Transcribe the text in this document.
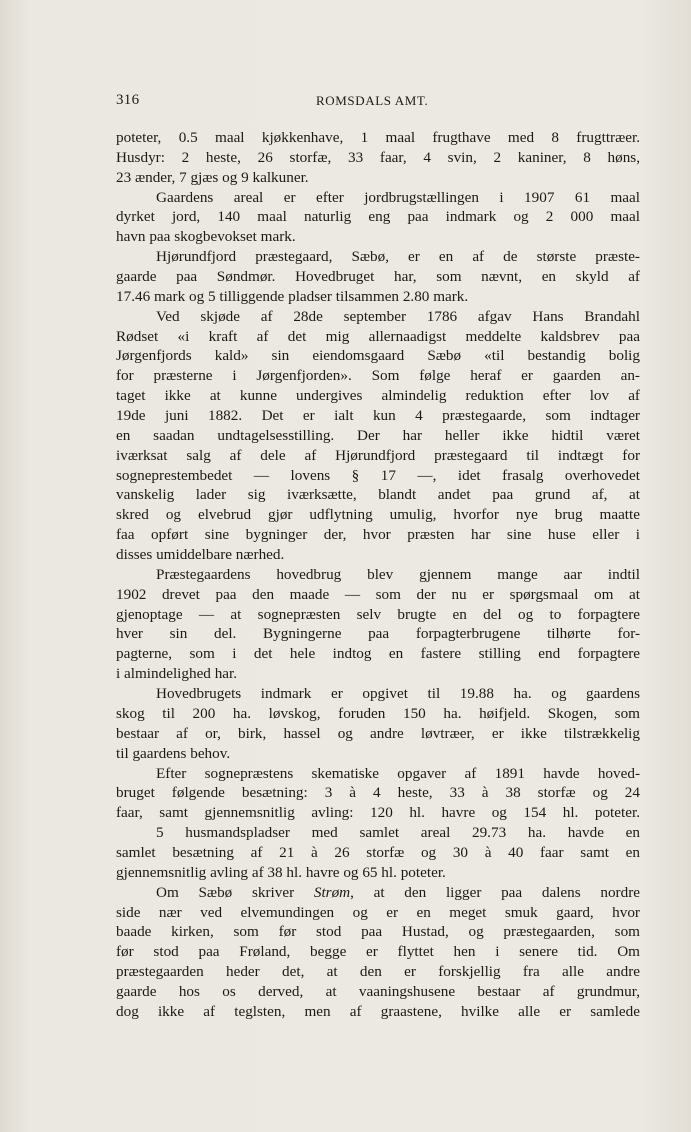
316	ROMSDALS AMT.
poteter, 0.5 maal kjøkkenhave, 1 maal frugthave med 8 frugttræer.
Husdyr: 2 heste, 26 storfæ, 33 faar, 4 svin, 2 kaniner, 8 høns,
23 ænder, 7 gjæs og 9 kalkuner.
Gaardens areal er efter jordbrugstællingen i 1907 61 maal
dyrket jord, 140 maal naturlig eng paa indmark og 2 000 maal
havn paa skogbevokset mark.
Hjørundfjord præstegaard, Sæbø, er en af de største præste-
gaarde paa Søndmør. Hovedbruget har, som nævnt, en skyld af
17.46 mark og 5 tilliggende pladser tilsammen 2.80 mark.
Ved skjøde af 28de september 1786 afgav Hans Brandahl
Rødset «i kraft af det mig allernaadigst meddelte kaldsbrev paa
Jørgenfjords kald» sin eiendomsgaard Sæbø «til bestandig bolig
for præsterne i Jørgenfjorden». Som følge heraf er gaarden an-
taget ikke at kunne undergives almindelig reduktion efter lov af
19de juni 1882. Det er ialt kun 4 præstegaarde, som indtager
en saadan undtagelsesstilling. Der har heller ikke hidtil været
iværksat salg af dele af Hjørundfjord præstegaard til indtægt for
sogneprestembedet — lovens § 17 —, idet frasalg overhovedet
vanskelig lader sig iværksætte, blandt andet paa grund af, at
skred og elvebrud gjør udflytning umulig, hvorfor nye brug maatte
faa opført sine bygninger der, hvor præsten har sine huse eller i
disses umiddelbare nærhed.
Præstegaardens hovedbrug blev gjennem mange aar indtil
1902 drevet paa den maade — som der nu er spørgsmaal om at
gjenoptage — at sognepræsten selv brugte en del og to forpagtere
hver sin del. Bygningerne paa forpagterbrugene tilhørte for-
pagterne, som i det hele indtog en fastere stilling end forpagtere
i almindelighed har.
Hovedbrugets indmark er opgivet til 19.88 ha. og gaardens
skog til 200 ha. løvskog, foruden 150 ha. høifjeld. Skogen, som
bestaar af or, birk, hassel og andre løvtræer, er ikke tilstrækkelig
til gaardens behov.
Efter sognepræstens skematiske opgaver af 1891 havde hoved-
bruget følgende besætning: 3 à 4 heste, 33 à 38 storfæ og 24
faar, samt gjennemsnitlig avling: 120 hl. havre og 154 hl. poteter.
5 husmandspladser med samlet areal 29.73 ha. havde en
samlet besætning af 21 à 26 storfæ og 30 à 40 faar samt en
gjennemsnitlig avling af 38 hl. havre og 65 hl. poteter.
Om Sæbø skriver Strøm, at den ligger paa dalens nordre
side nær ved elvemundingen og er en meget smuk gaard, hvor
baade kirken, som før stod paa Hustad, og præstegaarden, som
før stod paa Frøland, begge er flyttet hen i senere tid. Om
præstegaarden heder det, at den er forskjellig fra alle andre
gaarde hos os derved, at vaaningshusene bestaar af grundmur,
dog ikke af teglsten, men af graastene, hvilke alle er samlede
